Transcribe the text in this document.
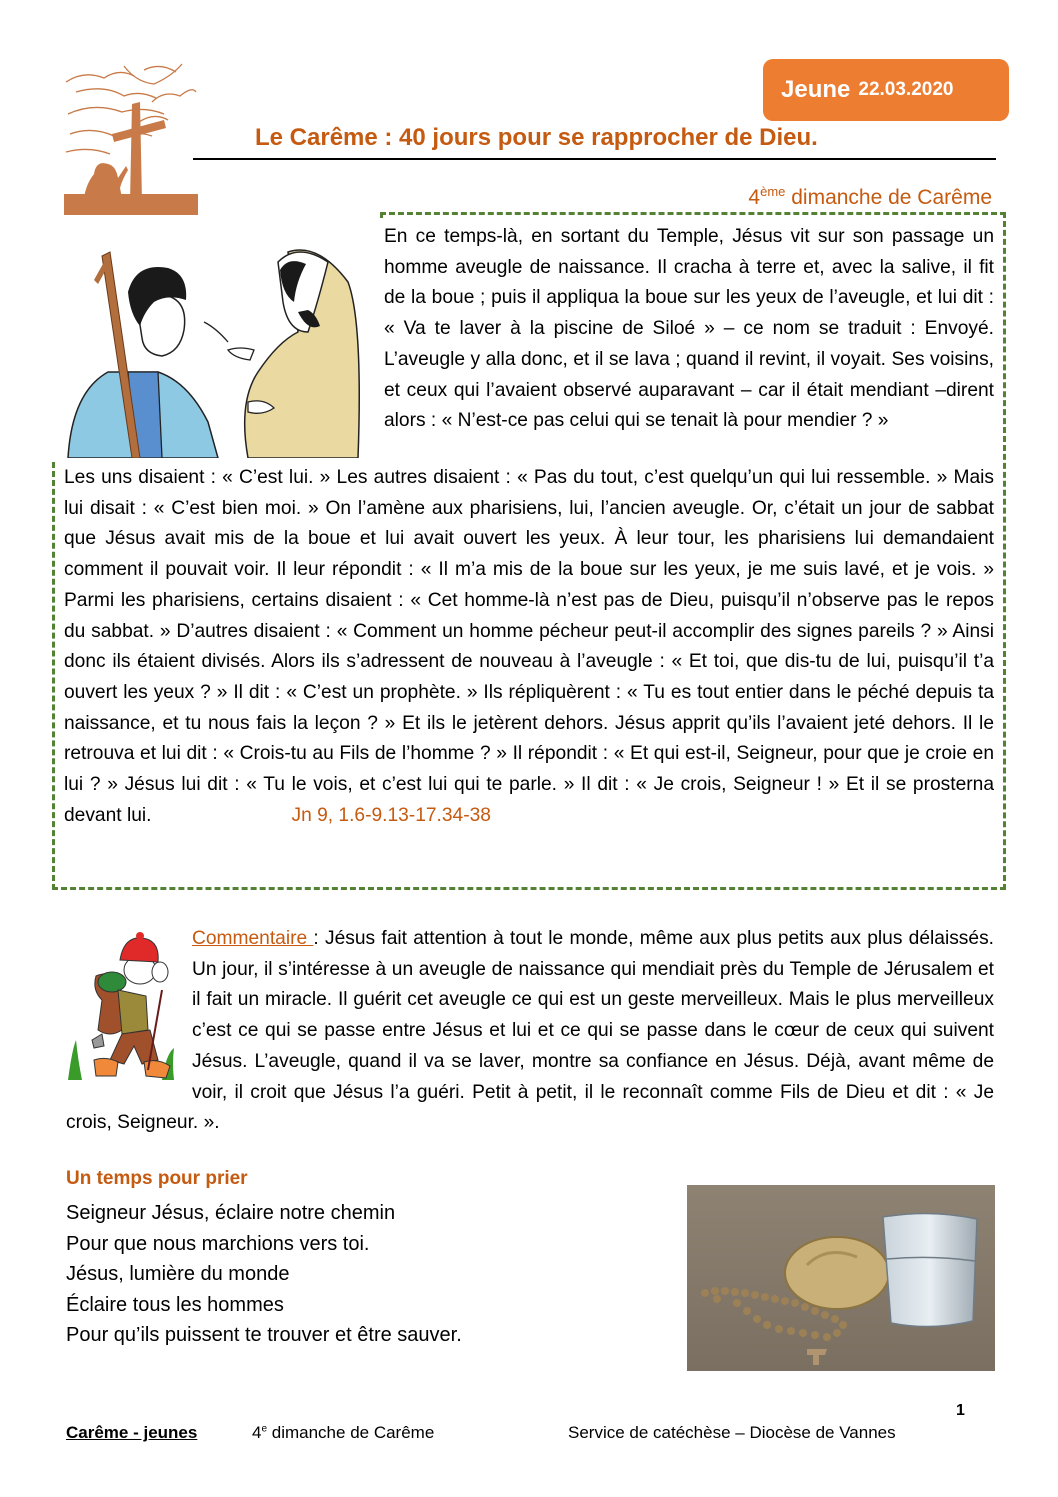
Jeune 22.03.2020
Le Carême : 40 jours pour se rapprocher de Dieu.
4ème dimanche de Carême
En ce temps-là, en sortant du Temple, Jésus vit sur son passage un homme aveugle de naissance. Il cracha à terre et, avec la salive, il fit de la boue ; puis il appliqua la boue sur les yeux de l’aveugle, et lui dit : « Va te laver à la piscine de Siloé » – ce nom se traduit : Envoyé. L’aveugle y alla donc, et il se lava ; quand il revint, il voyait. Ses voisins, et ceux qui l’avaient observé auparavant – car il était mendiant –dirent alors : « N’est-ce pas celui qui se tenait là pour mendier ? »
Les uns disaient : « C’est lui. » Les autres disaient : « Pas du tout, c’est quelqu’un qui lui ressemble. » Mais lui disait : « C’est bien moi. » On l’amène aux pharisiens, lui, l’ancien aveugle. Or, c’était un jour de sabbat que Jésus avait mis de la boue et lui avait ouvert les yeux. À leur tour, les pharisiens lui demandaient comment il pouvait voir. Il leur répondit : « Il m’a mis de la boue sur les yeux, je me suis lavé, et je vois. » Parmi les pharisiens, certains disaient : « Cet homme-là n’est pas de Dieu, puisqu’il n’observe pas le repos du sabbat. » D’autres disaient : « Comment un homme pécheur peut-il accomplir des signes pareils ? » Ainsi donc ils étaient divisés. Alors ils s’adressent de nouveau à l’aveugle : « Et toi, que dis-tu de lui, puisqu’il t’a ouvert les yeux ? » Il dit : « C’est un prophète. » Ils répliquèrent : « Tu es tout entier dans le péché depuis ta naissance, et tu nous fais la leçon ? » Et ils le jetèrent dehors. Jésus apprit qu’ils l’avaient jeté dehors. Il le retrouva et lui dit : « Crois-tu au Fils de l’homme ? » Il répondit : « Et qui est-il, Seigneur, pour que je croie en lui ? » Jésus lui dit : « Tu le vois, et c’est lui qui te parle. » Il dit : « Je crois, Seigneur ! » Et il se prosterna devant lui.	Jn 9, 1.6-9.13-17.34-38
Commentaire : Jésus fait attention à tout le monde, même aux plus petits aux plus délaissés. Un jour, il s’intéresse à un aveugle de naissance qui mendiait près du Temple de Jérusalem et il fait un miracle. Il guérit cet aveugle ce qui est un geste merveilleux. Mais le plus merveilleux c’est ce qui se passe entre Jésus et lui et ce qui se passe dans le cœur de ceux qui suivent Jésus. L’aveugle, quand il va se laver, montre sa confiance en Jésus. Déjà, avant même de voir, il croit que Jésus l’a guéri. Petit à petit, il le reconnaît comme Fils de Dieu et dit : « Je crois, Seigneur. ».
Un temps pour prier
Seigneur Jésus, éclaire notre chemin
Pour que nous marchions vers toi.
Jésus, lumière du monde
Éclaire tous les hommes
Pour qu’ils puissent te trouver et être sauver.
1
Carême - jeunes	4e dimanche de Carême	Service de catéchèse – Diocèse de Vannes
